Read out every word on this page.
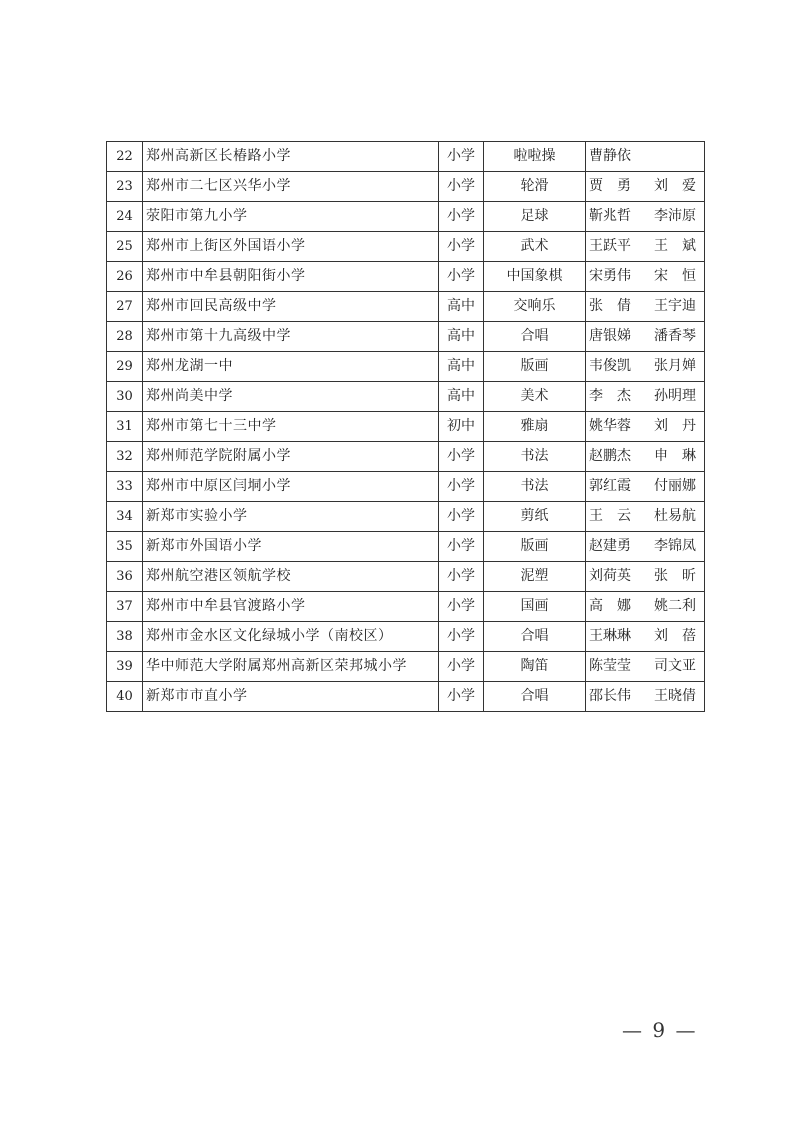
22	郑州高新区长椿路小学	小学	啦啦操	曹静依

23	郑州市二七区兴华小学	小学	轮滑	贾　勇 刘　爱

24	荥阳市第九小学	小学	足球	靳兆哲 李沛原

25	郑州市上街区外国语小学	小学	武术	王跃平 王　斌

26	郑州市中牟县朝阳街小学	小学	中国象棋	宋勇伟 宋　恒

27	郑州市回民高级中学	高中	交响乐	张　倩 王宇迪

28	郑州市第十九高级中学	高中	合唱	唐银娣 潘香琴

29	郑州龙湖一中	高中	版画	韦俊凯 张月婵

30	郑州尚美中学	高中	美术	李　杰 孙明理

31	郑州市第七十三中学	初中	雅扇	姚华蓉 刘　丹

32	郑州师范学院附属小学	小学	书法	赵鹏杰 申　琳

33	郑州市中原区闫垌小学	小学	书法	郭红霞 付丽娜

34	新郑市实验小学	小学	剪纸	王　云 杜易航

35	新郑市外国语小学	小学	版画	赵建勇 李锦凤

36	郑州航空港区领航学校	小学	泥塑	刘荷英 张　昕

37	郑州市中牟县官渡路小学	小学	国画	高　娜 姚二利

38	郑州市金水区文化绿城小学（南校区）	小学	合唱	王琳琳 刘　蓓

39	华中师范大学附属郑州高新区荣邦城小学	小学	陶笛	陈莹莹 司文亚

40	新郑市市直小学	小学	合唱	邵长伟 王晓倩
— 9 —
